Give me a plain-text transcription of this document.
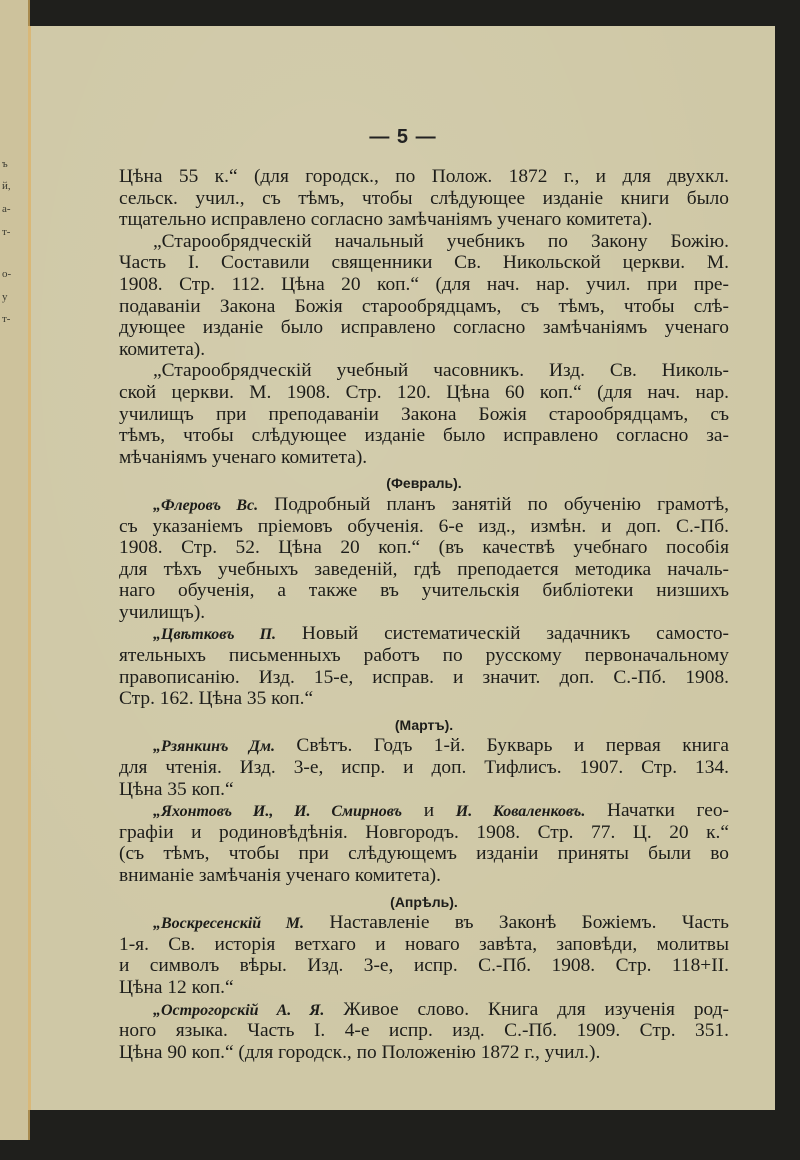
ъ
й,
а-
т-
о-
у
т-
— 5 —
Цѣна 55 к.“ (для городск., по Полож. 1872 г., и для двухкл.
сельск. учил., съ тѣмъ, чтобы слѣдующее изданіе книги было
тщательно исправлено согласно замѣчаніямъ ученаго комитета).
„Старообрядческій начальный учебникъ по Закону Божію.
Часть I. Составили священники Св. Никольской церкви. М.
1908. Стр. 112. Цѣна 20 коп.“ (для нач. нар. учил. при пре-
подаваніи Закона Божія старообрядцамъ, съ тѣмъ, чтобы слѣ-
дующее изданіе было исправлено согласно замѣчаніямъ ученаго
комитета).
„Старообрядческій учебный часовникъ. Изд. Св. Николь-
ской церкви. М. 1908. Стр. 120. Цѣна 60 коп.“ (для нач. нар.
училищъ при преподаваніи Закона Божія старообрядцамъ, съ
тѣмъ, чтобы слѣдующее изданіе было исправлено согласно за-
мѣчаніямъ ученаго комитета).
(Февраль).
„Флеровъ Вс. Подробный планъ занятій по обученію грамотѣ,
съ указаніемъ пріемовъ обученія. 6-е изд., измѣн. и доп. С.-Пб.
1908. Стр. 52. Цѣна 20 коп.“ (въ качествѣ учебнаго пособія
для тѣхъ учебныхъ заведеній, гдѣ преподается методика началь-
наго обученія, а также въ учительскія библіотеки низшихъ
училищъ).
„Цвѣтковъ П. Новый систематическій задачникъ самосто-
ятельныхъ письменныхъ работъ по русскому первоначальному
правописанію. Изд. 15-е, исправ. и значит. доп. С.-Пб. 1908.
Стр. 162. Цѣна 35 коп.“
(Мартъ).
„Рзянкинъ Дм. Свѣтъ. Годъ 1-й. Букварь и первая книга
для чтенія. Изд. 3-е, испр. и доп. Тифлисъ. 1907. Стр. 134.
Цѣна 35 коп.“
„Яхонтовъ И., И. Смирновъ и И. Коваленковъ. Начатки гео-
графіи и родиновѣдѣнія. Новгородъ. 1908. Стр. 77. Ц. 20 к.“
(съ тѣмъ, чтобы при слѣдующемъ изданіи приняты были во
вниманіе замѣчанія ученаго комитета).
(Апрѣль).
„Воскресенскій М. Наставленіе въ Законѣ Божіемъ. Часть
1-я. Св. исторія ветхаго и новаго завѣта, заповѣди, молитвы
и символъ вѣры. Изд. 3-е, испр. С.-Пб. 1908. Стр. 118+II.
Цѣна 12 коп.“
„Острогорскій А. Я. Живое слово. Книга для изученія род-
ного языка. Часть I. 4-е испр. изд. С.-Пб. 1909. Стр. 351.
Цѣна 90 коп.“ (для городск., по Положенію 1872 г., учил.).
